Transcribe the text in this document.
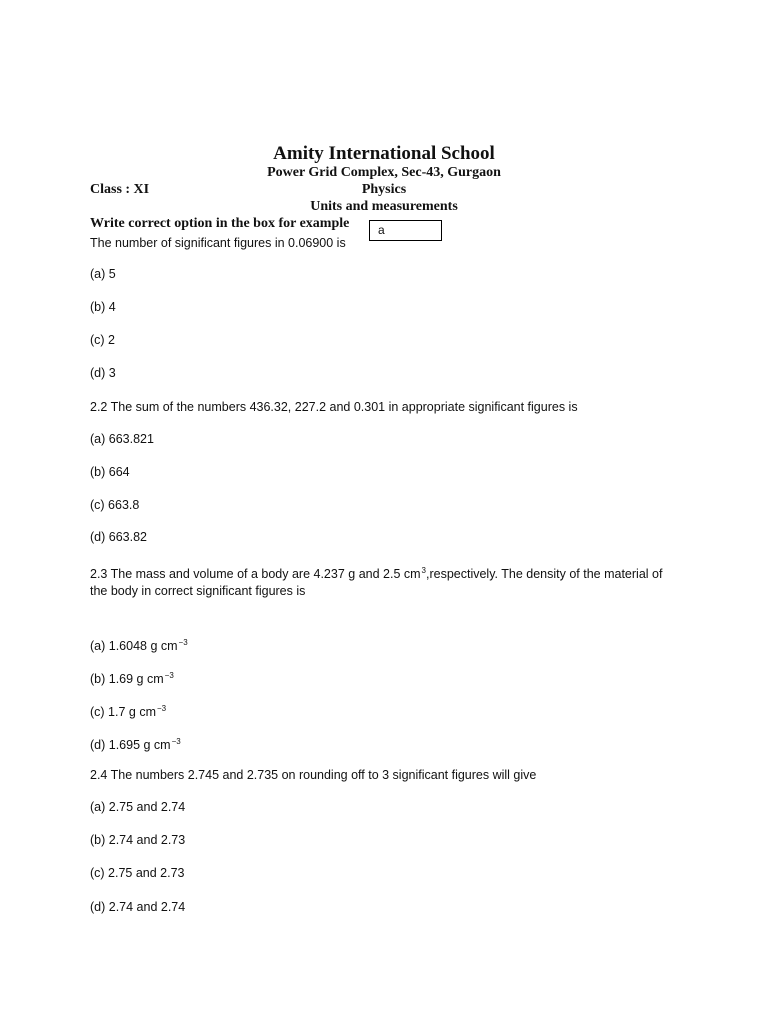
Amity International School
Power Grid Complex, Sec-43, Gurgaon
Class : XI	Physics
Units and measurements
Write correct option in the box for example	a
The number of significant figures in 0.06900 is
(a) 5
(b) 4
(c) 2
(d) 3
2.2 The sum of the numbers 436.32, 227.2 and 0.301 in appropriate significant figures is
(a) 663.821
(b) 664
(c) 663.8
(d) 663.82
2.3 The mass and volume of a body are 4.237 g and 2.5 $cm^3,respectively$. The density of the material of
the body in correct significant figures is
(a) 1.6048 g $cm^{-3}$
(b) 1.69 g $cm^{-3}$
(c) 1.7 g $cm^{-3}$
(d) 1.695 g $cm^{-3}$
2.4 The numbers 2.745 and 2.735 on rounding off to 3 significant figures will give
(a) 2.75 and 2.74
(b) 2.74 and 2.73
(c) 2.75 and 2.73
(d) 2.74 and 2.74
